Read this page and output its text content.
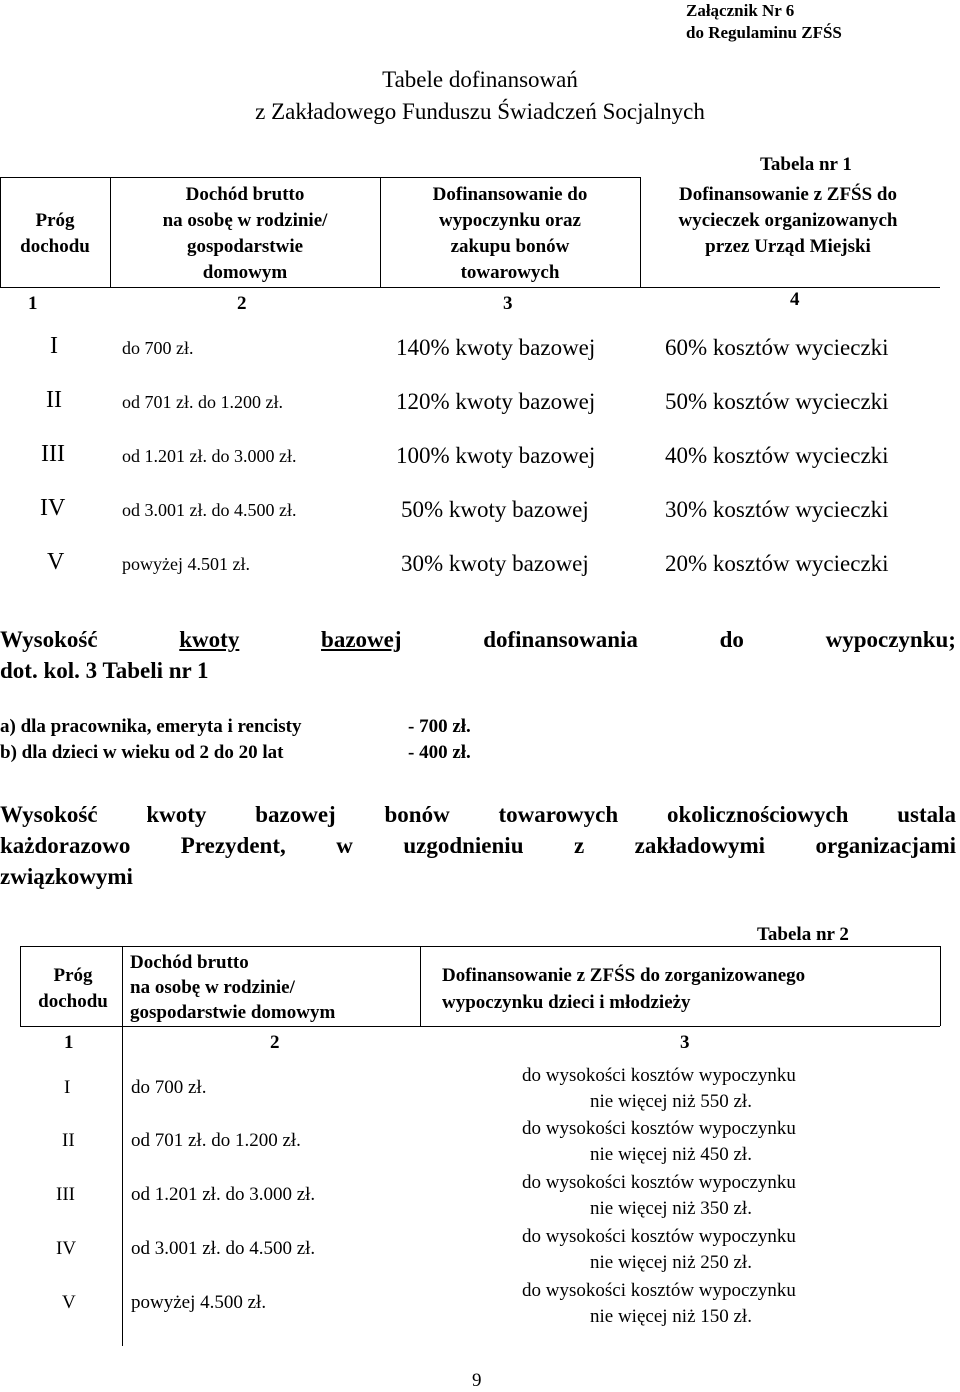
Załącznik Nr 6
do Regulaminu ZFŚS
Tabele dofinansowań
z Zakładowego Funduszu Świadczeń Socjalnych
Tabela nr 1
Próg
dochodu
Dochód brutto
na osobę w rodzinie/
gospodarstwie
domowym
Dofinansowanie do
wypoczynku oraz
zakupu bonów
towarowych
Dofinansowanie z ZFŚS do
wycieczek organizowanych
przez Urząd Miejski
1	2	3	4
I	do 700 zł.	140% kwoty bazowej	60% kosztów wycieczki
II	od 701 zł. do 1.200 zł.	120% kwoty bazowej	50% kosztów wycieczki
III	od 1.201 zł. do 3.000 zł.	100% kwoty bazowej	40% kosztów wycieczki
IV	od 3.001 zł. do 4.500 zł.	50% kwoty bazowej	30% kosztów wycieczki
V	powyżej 4.501 zł.	30% kwoty bazowej	20% kosztów wycieczki
Wysokość	kwoty	bazowej	dofinansowania	do	wypoczynku;
dot. kol. 3 Tabeli nr 1
a) dla pracownika, emeryta i rencisty	- 700 zł.
b) dla dzieci w wieku od 2 do 20 lat	- 400 zł.
Wysokość kwoty bazowej bonów towarowych okolicznościowych ustala
każdorazowo Prezydent, w uzgodnieniu z zakładowymi organizacjami
związkowymi
Tabela nr 2
Próg
dochodu
Dochód brutto
na osobę w rodzinie/
gospodarstwie domowym
Dofinansowanie z ZFŚS do zorganizowanego
wypoczynku dzieci i młodzieży
1	2	3
I	do 700 zł.
do wysokości kosztów wypoczynku
nie więcej niż 550 zł.
II	od 701 zł. do 1.200 zł.
do wysokości kosztów wypoczynku
nie więcej niż 450 zł.
III	od 1.201 zł. do 3.000 zł.
do wysokości kosztów wypoczynku
nie więcej niż 350 zł.
IV	od 3.001 zł. do 4.500 zł.
do wysokości kosztów wypoczynku
nie więcej niż 250 zł.
V	powyżej 4.500 zł.
do wysokości kosztów wypoczynku
nie więcej niż 150 zł.
9
